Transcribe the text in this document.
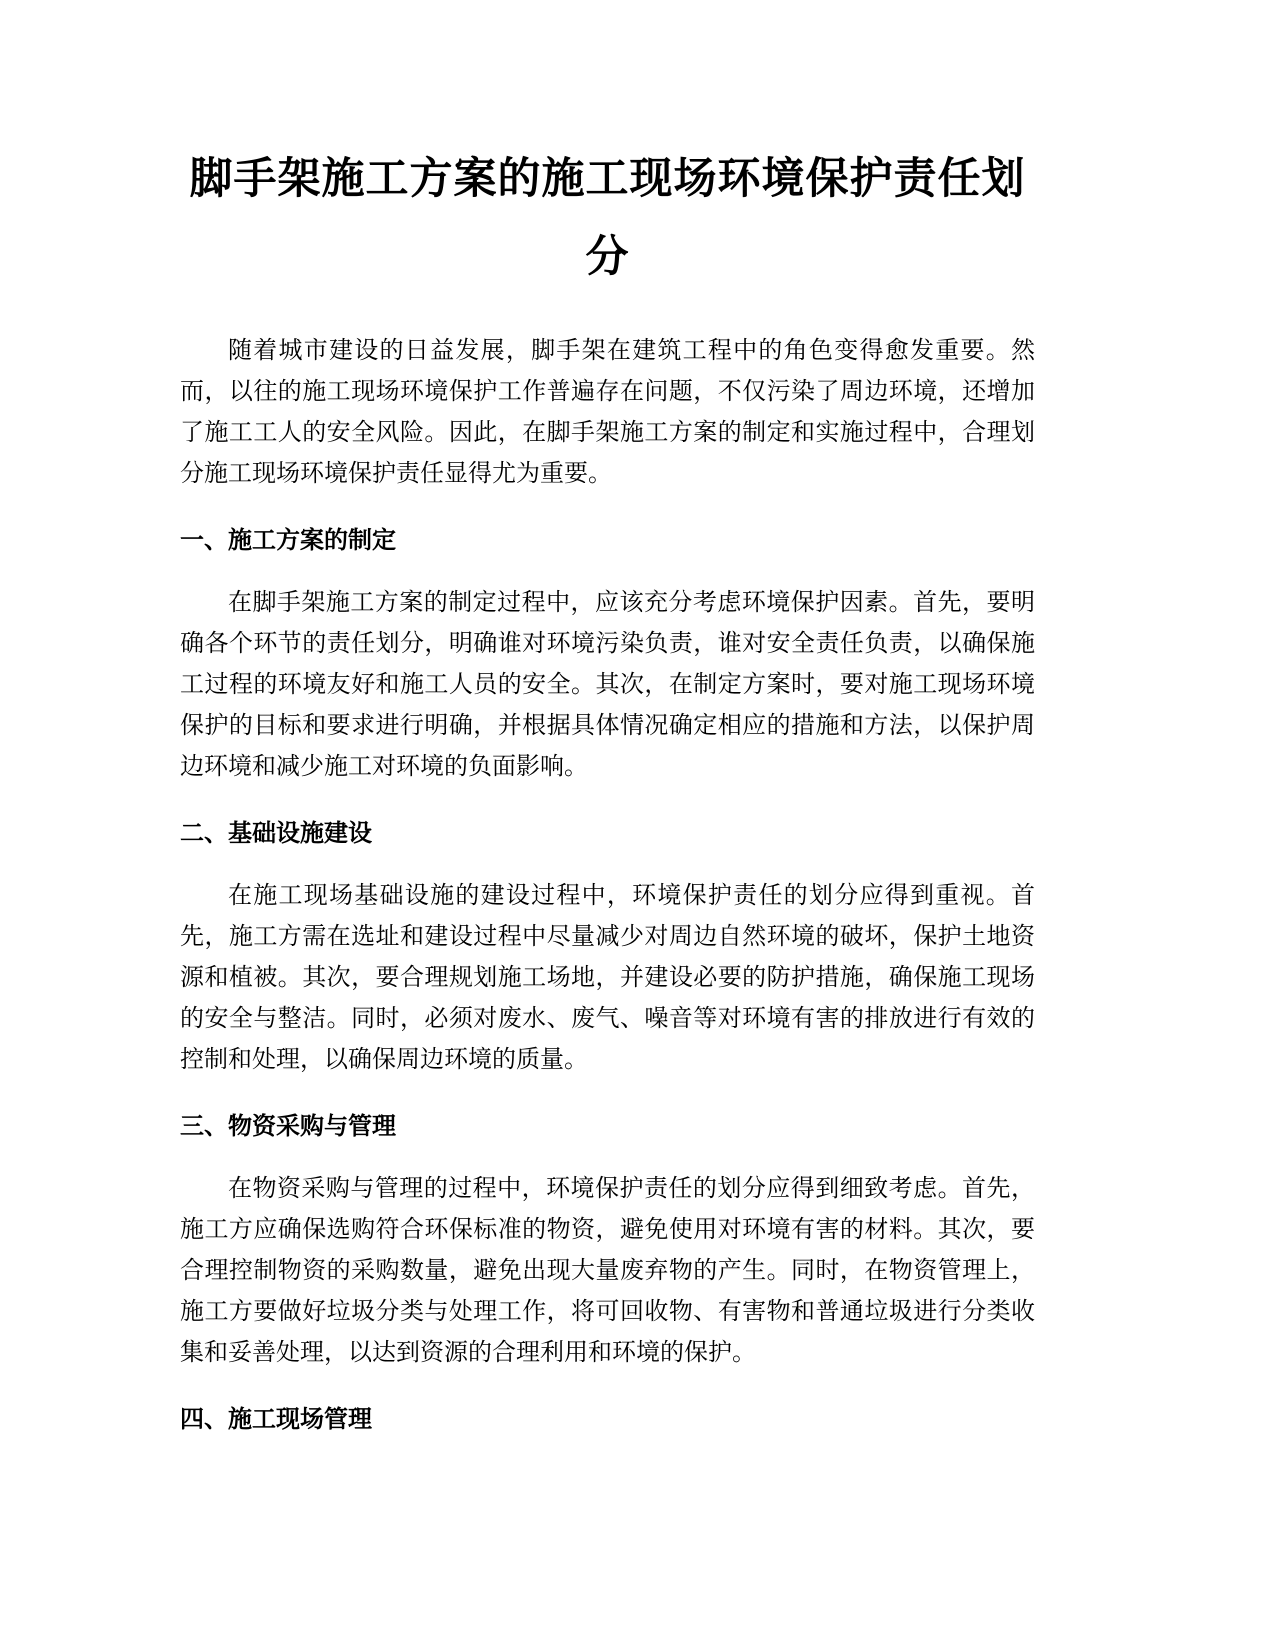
脚手架施工方案的施工现场环境保护责任划分

随着城市建设的日益发展，脚手架在建筑工程中的角色变得愈发重要。然而，以往的施工现场环境保护工作普遍存在问题，不仅污染了周边环境，还增加了施工工人的安全风险。因此，在脚手架施工方案的制定和实施过程中，合理划分施工现场环境保护责任显得尤为重要。

一、施工方案的制定

在脚手架施工方案的制定过程中，应该充分考虑环境保护因素。首先，要明确各个环节的责任划分，明确谁对环境污染负责，谁对安全责任负责，以确保施工过程的环境友好和施工人员的安全。其次，在制定方案时，要对施工现场环境保护的目标和要求进行明确，并根据具体情况确定相应的措施和方法，以保护周边环境和减少施工对环境的负面影响。

二、基础设施建设

在施工现场基础设施的建设过程中，环境保护责任的划分应得到重视。首先，施工方需在选址和建设过程中尽量减少对周边自然环境的破坏，保护土地资源和植被。其次，要合理规划施工场地，并建设必要的防护措施，确保施工现场的安全与整洁。同时，必须对废水、废气、噪音等对环境有害的排放进行有效的控制和处理，以确保周边环境的质量。

三、物资采购与管理

在物资采购与管理的过程中，环境保护责任的划分应得到细致考虑。首先，施工方应确保选购符合环保标准的物资，避免使用对环境有害的材料。其次，要合理控制物资的采购数量，避免出现大量废弃物的产生。同时，在物资管理上，施工方要做好垃圾分类与处理工作，将可回收物、有害物和普通垃圾进行分类收集和妥善处理，以达到资源的合理利用和环境的保护。

四、施工现场管理
